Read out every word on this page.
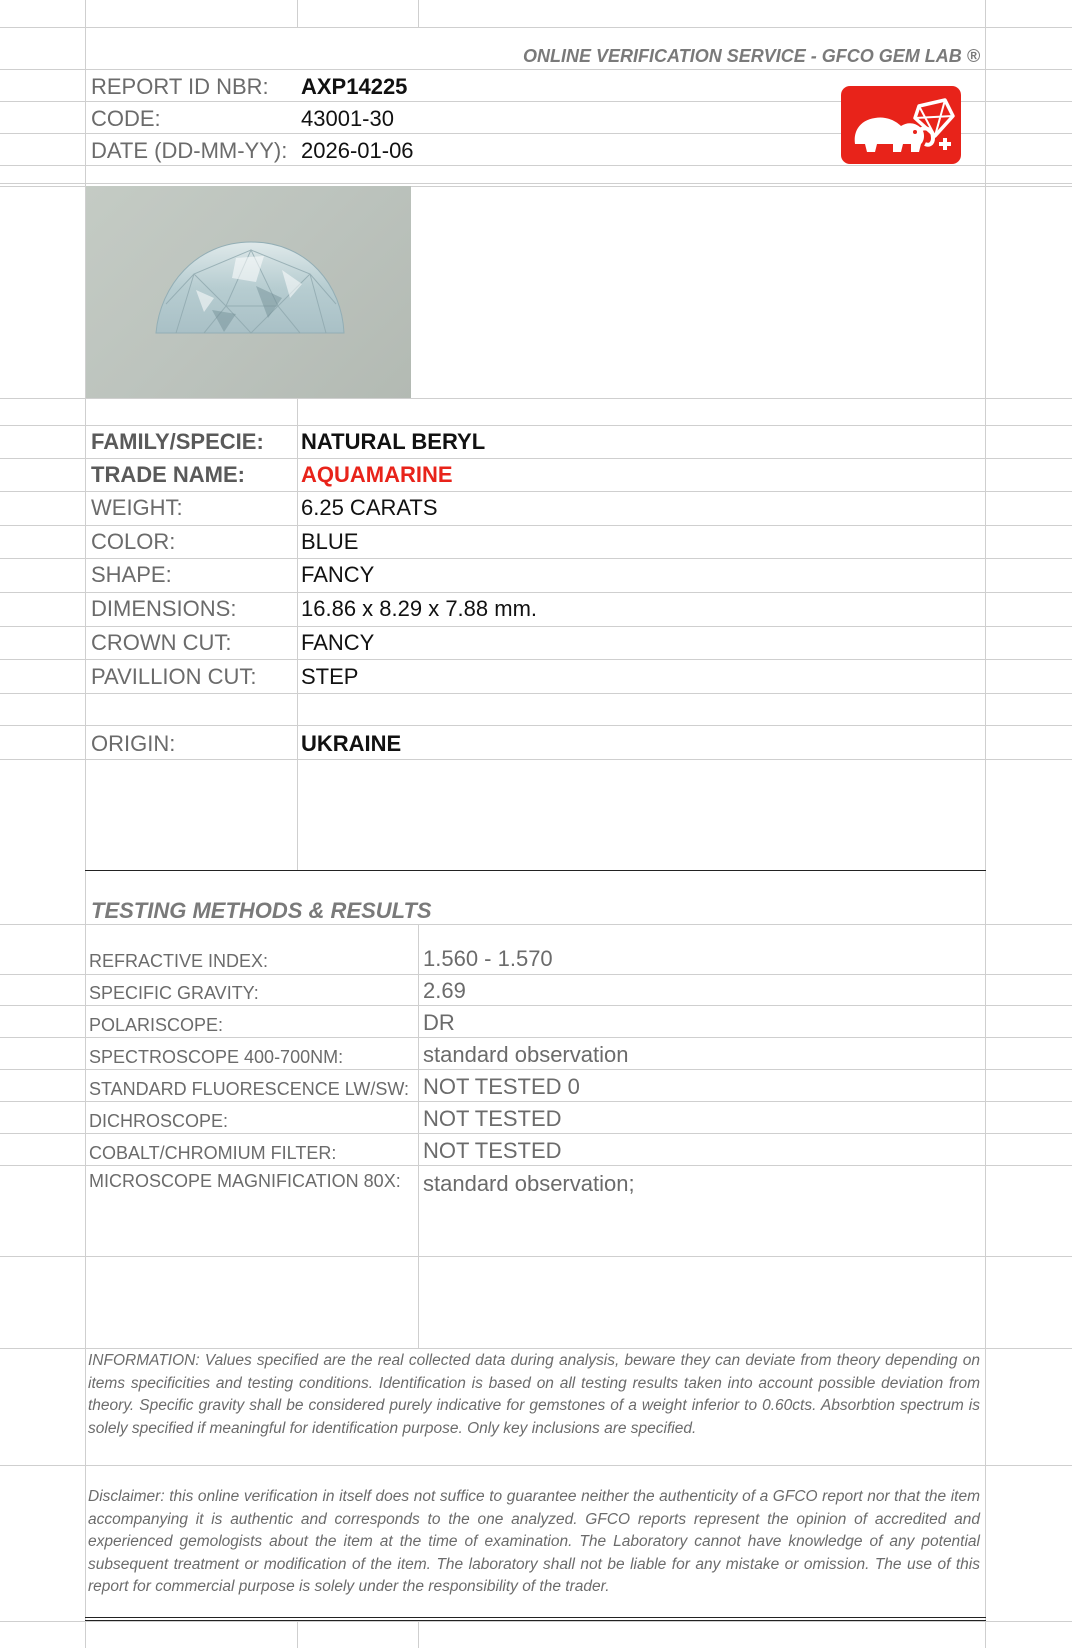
ONLINE VERIFICATION SERVICE - GFCO GEM LAB ®
REPORT ID NBR: AXP14225
CODE:	43001-30
DATE (DD-MM-YY): 2026-01-06
FAMILY/SPECIE: NATURAL BERYL
TRADE NAME:	AQUAMARINE
WEIGHT:	6.25 CARATS
COLOR:	BLUE
SHAPE:	FANCY
DIMENSIONS:	16.86 x 8.29 x 7.88 mm.
CROWN CUT:	FANCY
PAVILLION CUT: STEP
ORIGIN:	UKRAINE
TESTING METHODS & RESULTS
REFRACTIVE INDEX:	1.560 - 1.570
SPECIFIC GRAVITY:	2.69
POLARISCOPE:	DR
SPECTROSCOPE 400-700NM:	standard observation
STANDARD FLUORESCENCE LW/SW: NOT TESTED 0
DICHROSCOPE:	NOT TESTED
COBALT/CHROMIUM FILTER:	NOT TESTED
MICROSCOPE MAGNIFICATION 80X: standard observation;
INFORMATION: Values specified are the real collected data during analysis, beware they can deviate from theory depending on items specificities and testing conditions. Identification is based on all testing results taken into account possible deviation from theory. Specific gravity shall be considered purely indicative for gemstones of a weight inferior to 0.60cts. Absorbtion spectrum is solely specified if meaningful for identification purpose. Only key inclusions are specified.
Disclaimer: this online verification in itself does not suffice to guarantee neither the authenticity of a GFCO report nor that the item accompanying it is authentic and corresponds to the one analyzed. GFCO reports represent the opinion of accredited and experienced gemologists about the item at the time of examination. The Laboratory cannot have knowledge of any potential subsequent treatment or modification of the item. The laboratory shall not be liable for any mistake or omission. The use of this report for commercial purpose is solely under the responsibility of the trader.
